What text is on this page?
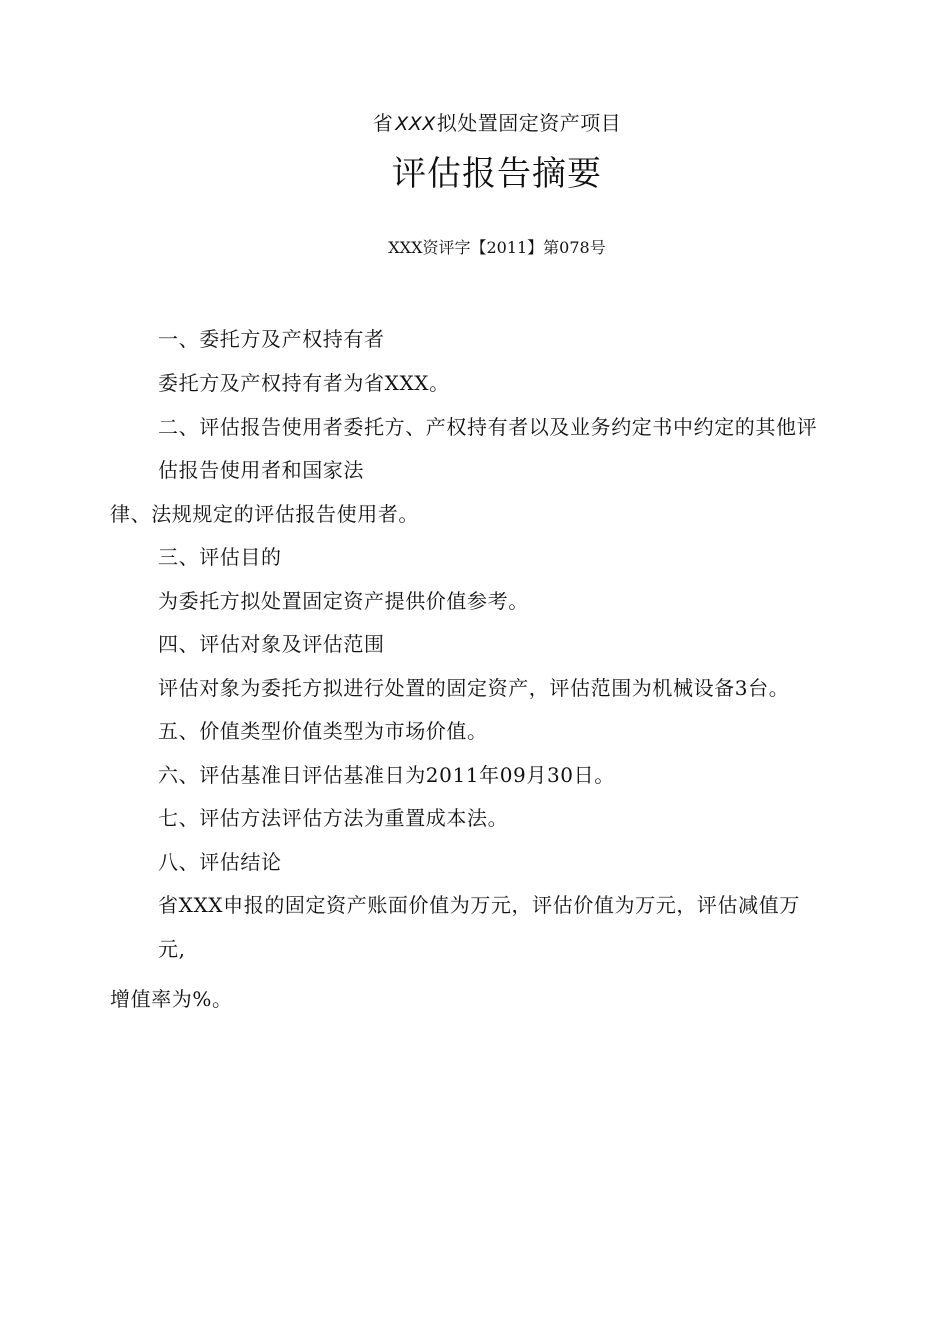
省 XXX拟处置固定资产项目
评估报告摘要
XXX资评字【2011】第078号
一、委托方及产权持有者
委托方及产权持有者为省XXX。
二、评估报告使用者委托方、产权持有者以及业务约定书中约定的其他评
估报告使用者和国家法
律、法规规定的评估报告使用者。
三、评估目的
为委托方拟处置固定资产提供价值参考。
四、评估对象及评估范围
评估对象为委托方拟进行处置的固定资产，评估范围为机械设备3台。
五、价值类型价值类型为市场价值。
六、评估基准日评估基准日为2011年09月30日。
七、评估方法评估方法为重置成本法。
八、评估结论
省XXX申报的固定资产账面价值为万元，评估价值为万元，评估减值万
元,
增值率为%。
